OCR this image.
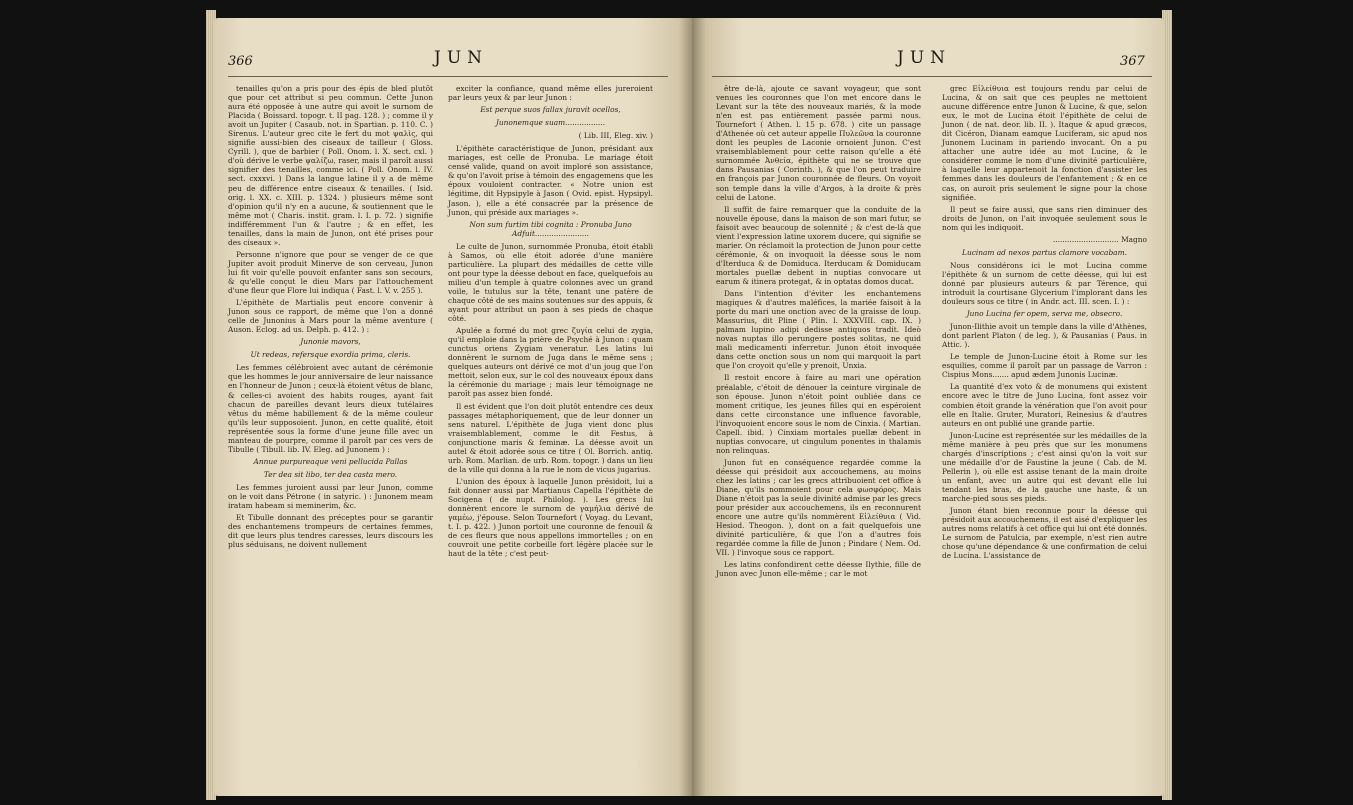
366	JUN

tenailles qu'on a pris pour des épis de bled plutôt que pour cet attribut si peu commun. Cette Junon aura été opposée à une autre qui avoit le surnom de Placida ( Boissard. topogr. t. II pag. 128. ) ; comme il y avoit un Jupiter ( Casaub. not. in Spartian. p. 110. C. ) Sirenus. L'auteur grec cite le fert du mot ψαλὶς, qui signifie aussi-bien des ciseaux de tailleur ( Gloss. Cyrill. ), que de barbier ( Poll. Onom. l. X. sect. cxl. ) d'où dérive le verbe ψαλίζω, raser, mais il paroît aussi signifier des tenailles, comme ici. ( Poll. Onom. l. IV. sect. cxxxvi. ) Dans la langue latine il y a de même peu de différence entre ciseaux & tenailles. ( Isid. orig. l. XX. c. XIII. p. 1324. ) plusieurs même sont d'opinion qu'il n'y en a aucune, & soutiennent que le même mot ( Charis. instit. gram. l. I. p. 72. ) signifie indifféremment l'un & l'autre ; & en effet, les tenailles, dans la main de Junon, ont été prises pour des ciseaux ».

Personne n'ignore que pour se venger de ce que Jupiter avoit produit Minerve de son cerveau, Junon lui fit voir qu'elle pouvoit enfanter sans son secours, & qu'elle conçut le dieu Mars par l'attouchement d'une fleur que Flore lui indiqua ( Fast. l. V. v. 255 ).

L'épithète de Martialis peut encore convenir à Junon sous ce rapport, de même que l'on a donné celle de Junonius à Mars pour la même aventure ( Auson. Eclog. ad us. Delph. p. 412. ) :

Junonie mavors,

Ut redeas, refersque exordia prima, cleris.

Les femmes célébroient avec autant de cérémonie que les hommes le jour anniversaire de leur naissance en l'honneur de Junon ; ceux-là étoient vêtus de blanc, & celles-ci avoient des habits rouges, ayant fait chacun de pareilles devant leurs dieux tutélaires vêtus du même habillement & de la même couleur qu'ils leur supposoient. Junon, en cette qualité, étoit représentée sous la forme d'une jeune fille avec un manteau de pourpre, comme il paroît par ces vers de Tibulle ( Tibull. lib. IV. Eleg. ad Junonem ) :

Annue purpureaque veni pellucida Pallas

Ter dea sit libo, ter dea casta mero.

Les femmes juroient aussi par leur Junon, comme on le voit dans Pétrone ( in satyric. ) : Junonem meam iratam habeam si meminerim, &c.

Et Tibulle donnant des préceptes pour se garantir des enchantemens trompeurs de certaines femmes, dit que leurs plus tendres caresses, leurs discours les plus séduisans, ne doivent nullement

exciter la confiance, quand même elles jureroient par leurs yeux & par leur Junon :

Est perque suos fallax juravit ocellos,

Junonemque suam.................

( Lib. III, Eleg. xiv. )

L'épithète caractéristique de Junon, présidant aux mariages, est celle de Pronuba. Le mariage étoit censé valide, quand on avoit imploré son assistance, & qu'on l'avoit prise à témoin des engagemens que les époux vouloient contracter. « Notre union est légitime, dit Hypsipyle à Jason ( Ovid. epist. Hypsipyl. Jason. ), elle a été consacrée par la présence de Junon, qui préside aux mariages ».

Non sum furtim tibi cognita : Pronuba Juno Adfuit.......................

Le culte de Junon, surnommée Pronuba, étoit établi à Samos, où elle étoit adorée d'une manière particulière. La plupart des médailles de cette ville ont pour type la déesse debout en face, quelquefois au milieu d'un temple à quatre colonnes avec un grand voile, le tutulus sur la tête, tenant une patère de chaque côté de ses mains soutenues sur des appuis, & ayant pour attribut un paon à ses pieds de chaque côté.

Apulée a formé du mot grec ζυγία celui de zygia, qu'il emploie dans la prière de Psyché à Junon : quam cunctus oriens Zygiam veneratur. Les latins lui donnèrent le surnom de Juga dans le même sens ; quelques auteurs ont dérivé ce mot d'un joug que l'on mettoit, selon eux, sur le col des nouveaux époux dans la cérémonie du mariage ; mais leur témoignage ne paroît pas assez bien fondé.

Il est évident que l'on doit plutôt entendre ces deux passages métaphoriquement, que de leur donner un sens naturel. L'épithète de Juga vient donc plus vraisemblablement, comme le dit Festus, à conjunctione maris & feminæ. La déesse avoit un autel & étoit adorée sous ce titre ( Ol. Borrich. antiq. urb. Rom. Marlian. de urb. Rom. topogr. ) dans un lieu de la ville qui donna à la rue le nom de vicus jugarius.

L'union des époux à laquelle Junon présidoit, lui a fait donner aussi par Martianus Capella l'épithète de Socigena ( de nupt. Philolog. ). Les grecs lui donnèrent encore le surnom de γαμήλια dérivé de γαμέω, j'épouse. Selon Tournefort ( Voyag. du Levant, t. I. p. 422. ) Junon portoit une couronne de fenouil & de ces fleurs que nous appellons immortelles ; on en couvroit une petite corbeille fort légère placée sur le haut de la tête ; c'est peut-

JUN	367

être de-là, ajoute ce savant voyageur, que sont venues les couronnes que l'on met encore dans le Levant sur la tête des nouveaux mariés, & la mode n'en est pas entièrement passée parmi nous. Tournefort ( Athen. l. 15 p. 678. ) cite un passage d'Athenée où cet auteur appelle Πυλεῶνα la couronne dont les peuples de Laconie ornoient Junon. C'est vraisemblablement pour cette raison qu'elle a été surnommée Ἀνθεία, épithète qui ne se trouve que dans Pausanias ( Corinth. ), & que l'on peut traduire en françois par Junon couronnée de fleurs. On voyoit son temple dans la ville d'Argos, à la droite & près celui de Latone.

Il suffit de faire remarquer que la conduite de la nouvelle épouse, dans la maison de son mari futur, se faisoit avec beaucoup de solennité ; & c'est de-là que vient l'expression latine uxorem ducere, qui signifie se marier. On réclamoit la protection de Junon pour cette cérémonie, & on invoquoit la déesse sous le nom d'Iterduca & de Domiduca. Iterducam & Domiducam mortales puellæ debent in nuptias convocare ut earum & itinera protegat, & in optatas domos ducat.

Dans l'intention d'éviter les enchantemens magiques & d'autres maléfices, la mariée faisoit à la porte du mari une onction avec de la graisse de loup. Massurius, dit Pline ( Plin. l. XXXVIII. cap. IX. ) palmam lupino adipi dedisse antiquos tradit. Ideò novas nuptas illo perungere postes solitas, ne quid mali medicamenti inferretur. Junon étoit invoquée dans cette onction sous un nom qui marquoit la part que l'on croyoit qu'elle y prenoit, Unxia.

Il restoit encore à faire au mari une opération préalable, c'étoit de dénouer la ceinture virginale de son épouse. Junon n'étoit point oubliée dans ce moment critique, les jeunes filles qui en espéroient dans cette circonstance une influence favorable, l'invoquoient encore sous le nom de Cinxia. ( Martian. Capell. ibid. ) Cinxiam mortales puellæ debent in nuptias convocare, ut cingulum ponentes in thalamis non relinquas.

Junon fut en conséquence regardée comme la déesse qui présidoit aux accouchemens, au moins chez les latins ; car les grecs attribuoient cet office à Diane, qu'ils nommoient pour cela φωσφόρος. Mais Diane n'étoit pas la seule divinité admise par les grecs pour présider aux accouchemens, ils en reconnurent encore une autre qu'ils nommèrent Εἰλείθυια ( Vid. Hesiod. Theogon. ), dont on a fait quelquefois une divinité particulière, & que l'on a d'autres fois regardée comme la fille de Junon ; Pindare ( Nem. Od. VII. ) l'invoque sous ce rapport.

Les latins confondirent cette déesse Ilythie, fille de Junon avec Junon elle-même ; car le mot

grec Εἰλείθυια est toujours rendu par celui de Lucina, & on sait que ces peuples ne mettoient aucune différence entre Junon & Lucine, & que, selon eux, le mot de Lucina étoit l'épithète de celui de Junon ( de nat. deor. lib. II. ). Itaque & apud græcos, dit Cicéron, Dianam eamque Luciferam, sic apud nos Junonem Lucinam in pariendo invocant. On a pu attacher une autre idée au mot Lucine, & le considérer comme le nom d'une divinité particulière, à laquelle leur appartenoit la fonction d'assister les femmes dans les douleurs de l'enfantement ; & en ce cas, on auroit pris seulement le signe pour la chose signifiée.

Il peut se faire aussi, que sans rien diminuer des droits de Junon, on l'ait invoquée seulement sous le nom qui les indiquoit.

............................ Magno

Lucinam ad nexos partus clamore vocabam.

Nous considérons ici le mot Lucina comme l'épithète & un surnom de cette déesse, qui lui est donné par plusieurs auteurs & par Térence, qui introduit la courtisane Glycerium l'implorant dans les douleurs sous ce titre ( in Andr. act. III. scen. I. ) :

Juno Lucina fer opem, serva me, obsecro.

Junon-Ilithie avoit un temple dans la ville d'Athènes, dont parlent Platon ( de leg. ), & Pausanias ( Paus. in Attic. ).

Le temple de Junon-Lucine étoit à Rome sur les esquilies, comme il paroît par un passage de Varron : Cispius Mons....... apud ædem Junonis Lucinæ.

La quantité d'ex voto & de monumens qui existent encore avec le titre de Juno Lucina, font assez voir combien étoit grande la vénération que l'on avoit pour elle en Italie. Gruter, Muratori, Reinesius & d'autres auteurs en ont publié une grande partie.

Junon-Lucine est représentée sur les médailles de la même manière à peu près que sur les monumens chargés d'inscriptions ; c'est ainsi qu'on la voit sur une médaille d'or de Faustine la jeune ( Cab. de M. Pellerin ), où elle est assise tenant de la main droite un enfant, avec un autre qui est devant elle lui tendant les bras, de la gauche une haste, & un marche-pied sous ses pieds.

Junon étant bien reconnue pour la déesse qui présidoit aux accouchemens, il est aisé d'expliquer les autres noms relatifs à cet office qui lui ont été donnés. Le surnom de Patulcia, par exemple, n'est rien autre chose qu'une dépendance & une confirmation de celui de Lucina. L'assistance de
